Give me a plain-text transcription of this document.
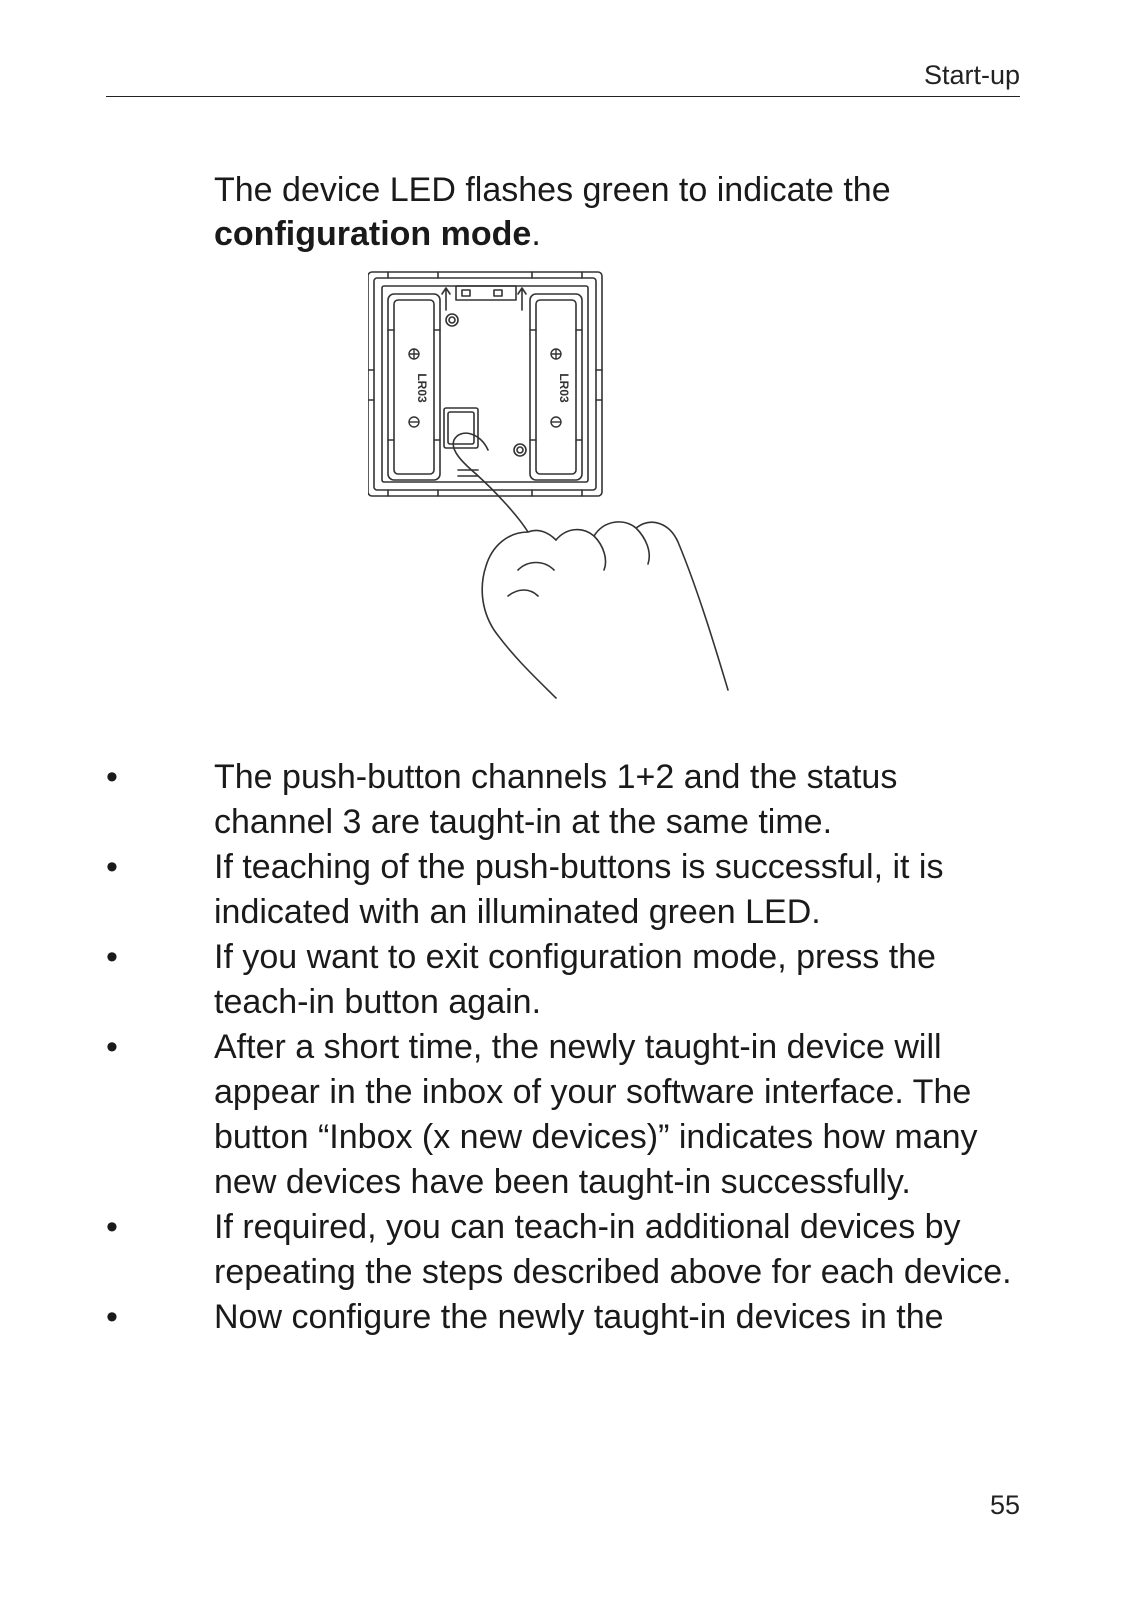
Start-up

The device LED flashes green to indicate the configuration mode.

LR03	LR03
•	The push-button channels 1+2 and the status channel 3 are taught-in at the same time.
•	If teaching of the push-buttons is successful, it is indicated with an illuminated green LED.
•	If you want to exit configuration mode, press the teach-in button again.
•	After a short time, the newly taught-in device will appear in the inbox of your software interface. The button “Inbox (x new devices)” indicates how many new devices have been taught-in successfully.
•	If required, you can teach-in additional devices by repeating the steps described above for each device.
•	Now configure the newly taught-in devices in the
55
